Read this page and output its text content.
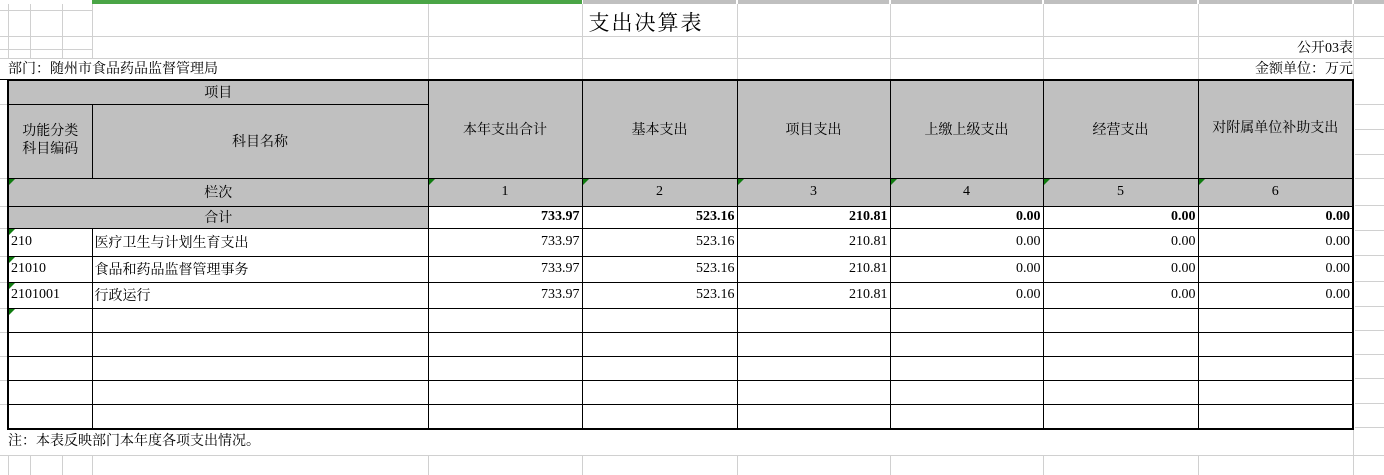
支出决算表
公开03表
部门：随州市食品药品监督管理局	金额单位：万元
注：本表反映部门本年度各项支出情况。
项目		本年支出合计	基本支出	项目支出	上缴上级支出	经营支出	对附属单位补助支出

功能分类
科目编码	科目名称						

栏次		1	2	3	4	5	6
合计		733.97	523.16	210.81	0.00	0.00	0.00

210	医疗卫生与计划生育支出	733.97	523.16	210.81	0.00	0.00	0.00

21010	食品和药品监督管理事务	733.97	523.16	210.81	0.00	0.00	0.00

2101001	行政运行	733.97	523.16	210.81	0.00	0.00	0.00
